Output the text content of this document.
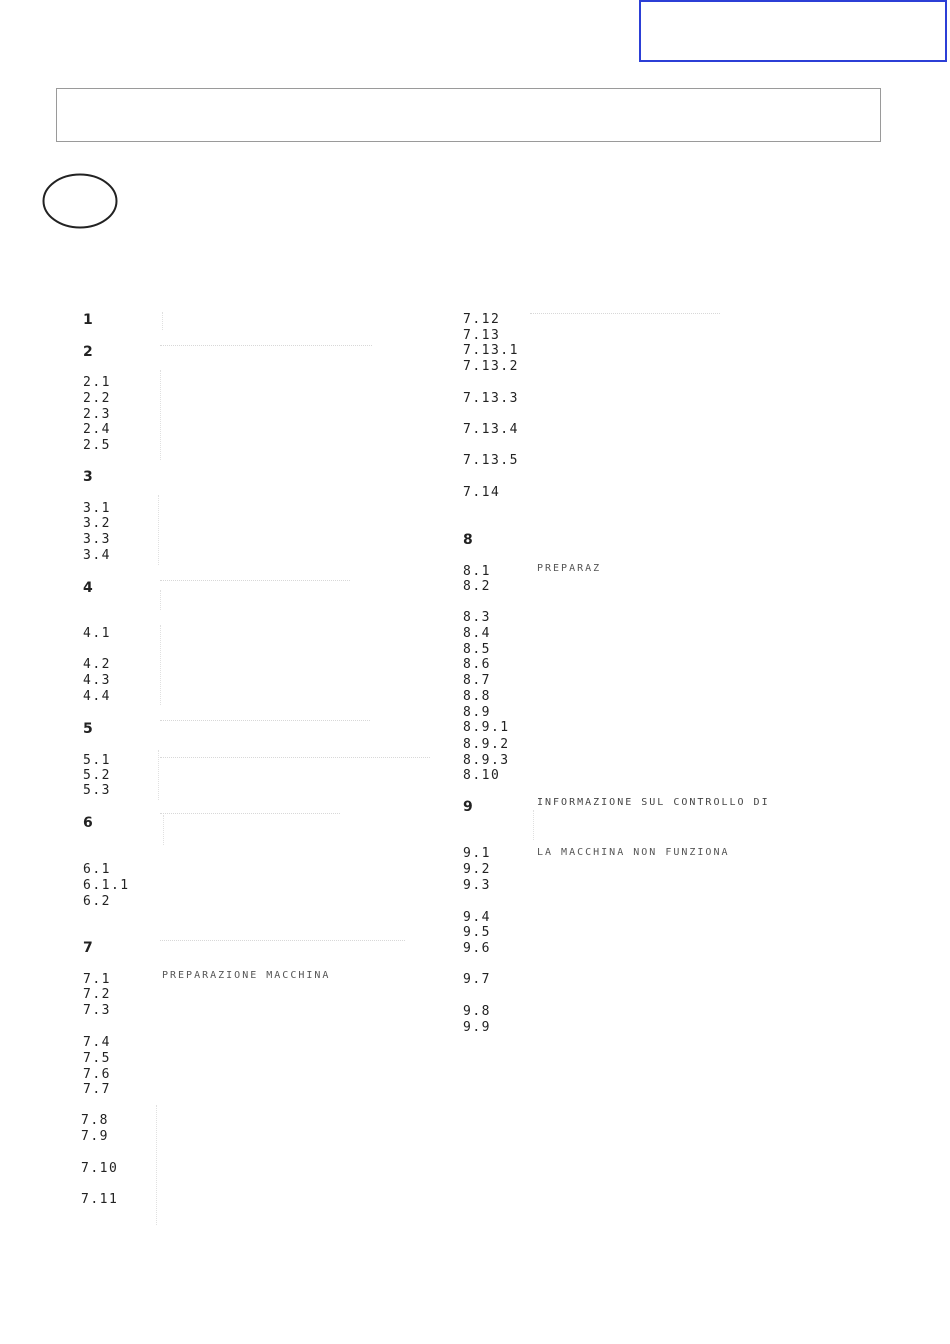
1
2
2.1
2.2
2.3
2.4
2.5
3
3.1
3.2
3.3
3.4
4
4.1
4.2
4.3
4.4
5
5.1
5.2
5.3
6
6.1
6.1.1
6.2
7
7.1
7.2
7.3
7.4
7.5
7.6
7.7
7.8
7.9
7.10
7.11
7.12
7.13
7.13.1
7.13.2
7.13.3
7.13.4
7.13.5
7.14
8
8.1
8.2
8.3
8.4
8.5
8.6
8.7
8.8
8.9
8.9.1
8.9.2
8.9.3
8.10
9
9.1
9.2
9.3
9.4
9.5
9.6
9.7
9.8
9.9
PREPARAZIONE MACCHINA
PREPARAZ
INFORMAZIONE SUL CONTROLLO DI
LA MACCHINA NON FUNZIONA
